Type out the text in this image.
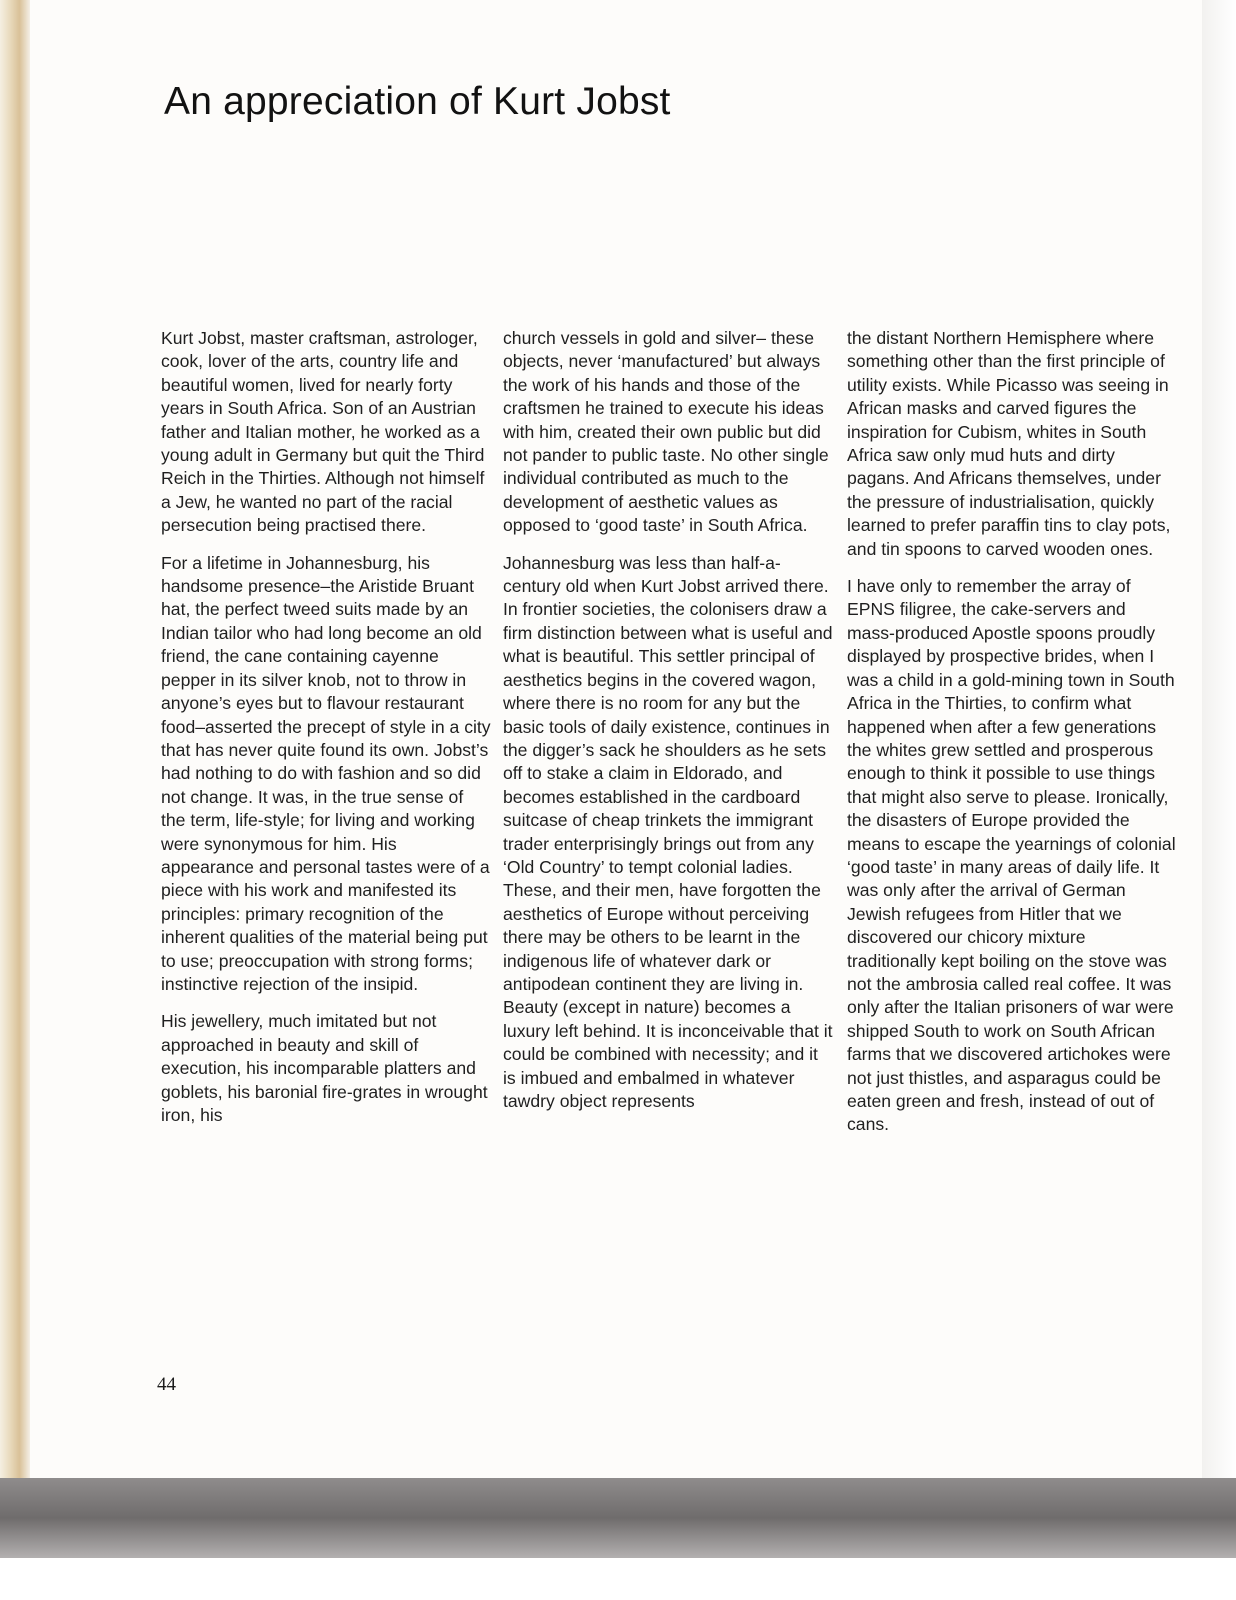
An appreciation of Kurt Jobst

Kurt Jobst, master craftsman, astrologer, cook, lover of the arts, country life and beautiful women, lived for nearly forty years in South Africa. Son of an Austrian father and Italian mother, he worked as a young adult in Germany but quit the Third Reich in the Thirties. Although not himself a Jew, he wanted no part of the racial persecution being practised there.

For a lifetime in Johannesburg, his handsome presence–the Aristide Bruant hat, the perfect tweed suits made by an Indian tailor who had long become an old friend, the cane containing cayenne pepper in its silver knob, not to throw in anyone’s eyes but to flavour restaurant food–asserted the precept of style in a city that has never quite found its own. Jobst’s had nothing to do with fashion and so did not change. It was, in the true sense of the term, life-style; for living and working were synonymous for him. His appearance and personal tastes were of a piece with his work and manifested its principles: primary recognition of the inherent qualities of the material being put to use; preoccupation with strong forms; instinctive rejection of the insipid.

His jewellery, much imitated but not approached in beauty and skill of execution, his incomparable platters and goblets, his baronial fire-grates in wrought iron, his

church vessels in gold and silver– these objects, never ‘manufactured’ but always the work of his hands and those of the craftsmen he trained to execute his ideas with him, created their own public but did not pander to public taste. No other single individual contributed as much to the development of aesthetic values as opposed to ‘good taste’ in South Africa.

Johannesburg was less than half-a-century old when Kurt Jobst arrived there. In frontier societies, the colonisers draw a firm distinction between what is useful and what is beautiful. This settler principal of aesthetics begins in the covered wagon, where there is no room for any but the basic tools of daily existence, continues in the digger’s sack he shoulders as he sets off to stake a claim in Eldorado, and becomes established in the cardboard suitcase of cheap trinkets the immigrant trader enterprisingly brings out from any ‘Old Country’ to tempt colonial ladies. These, and their men, have forgotten the aesthetics of Europe without perceiving there may be others to be learnt in the indigenous life of whatever dark or antipodean continent they are living in. Beauty (except in nature) becomes a luxury left behind. It is inconceivable that it could be combined with necessity; and it is imbued and embalmed in whatever tawdry object represents

the distant Northern Hemisphere where something other than the first principle of utility exists. While Picasso was seeing in African masks and carved figures the inspiration for Cubism, whites in South Africa saw only mud huts and dirty pagans. And Africans themselves, under the pressure of industrialisation, quickly learned to prefer paraffin tins to clay pots, and tin spoons to carved wooden ones.

I have only to remember the array of EPNS filigree, the cake-servers and mass-produced Apostle spoons proudly displayed by prospective brides, when I was a child in a gold-mining town in South Africa in the Thirties, to confirm what happened when after a few generations the whites grew settled and prosperous enough to think it possible to use things that might also serve to please. Ironically, the disasters of Europe provided the means to escape the yearnings of colonial ‘good taste’ in many areas of daily life. It was only after the arrival of German Jewish refugees from Hitler that we discovered our chicory mixture traditionally kept boiling on the stove was not the ambrosia called real coffee. It was only after the Italian prisoners of war were shipped South to work on South African farms that we discovered artichokes were not just thistles, and asparagus could be eaten green and fresh, instead of out of cans.

44
